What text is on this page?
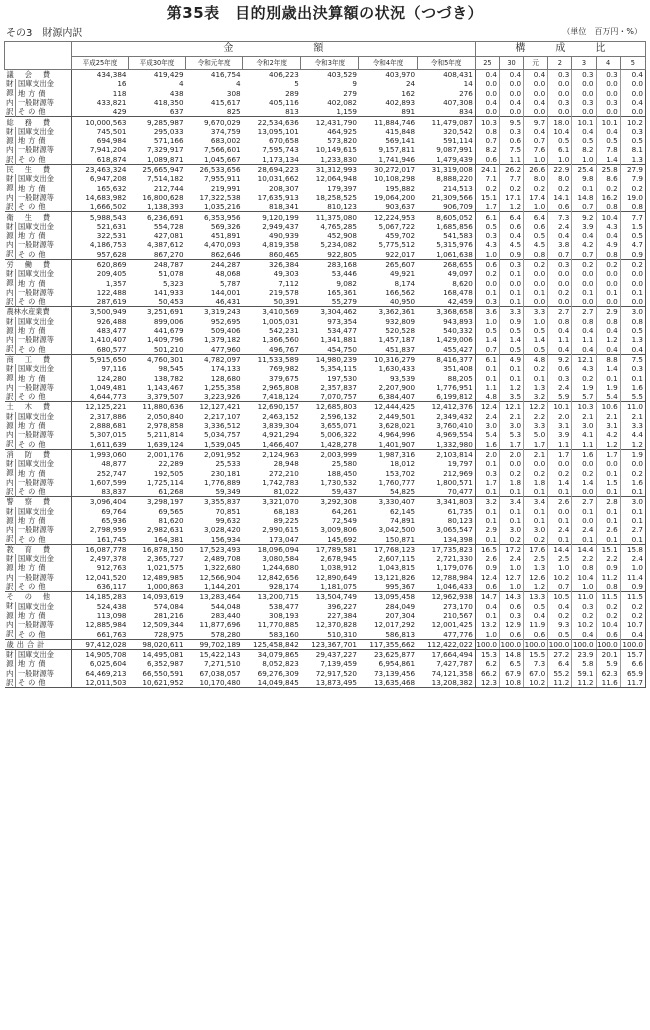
第35表　目的別歳出決算額の状況（つづき）
その3　財源内訳	（単位　百万円・%）
		金　　　　　　　　額							構　　　成　　　比						
		平成25年度	平成30年度	令和元年度	令和2年度	令和3年度	令和4年度	令和5年度	25	30	元	2	3	4	5
議会費		434,384	419,429	416,754	406,223	403,529	403,970	408,431	0.4	0.4	0.4	0.3	0.3	0.3	0.4
財	国庫支出金	16	4	4	5	9	24	14	0.0	0.0	0.0	0.0	0.0	0.0	0.0
源	地方債	118	438	308	289	279	162	276	0.0	0.0	0.0	0.0	0.0	0.0	0.0
内	一般財源等	433,821	418,350	415,617	405,116	402,082	402,893	407,308	0.4	0.4	0.4	0.3	0.3	0.3	0.4
訳	その他	429	637	825	813	1,159	891	834	0.0	0.0	0.0	0.0	0.0	0.0	0.0
総務費		10,000,563	9,285,987	9,670,029	22,534,636	12,431,790	11,884,746	11,479,087	10.3	9.5	9.7	18.0	10.1	10.1	10.2
財	国庫支出金	745,501	295,033	374,759	13,095,101	464,925	415,848	320,542	0.8	0.3	0.4	10.4	0.4	0.4	0.3
源	地方債	694,984	571,166	683,002	670,658	573,820	569,141	591,114	0.7	0.6	0.7	0.5	0.5	0.5	0.5
内	一般財源等	7,941,204	7,329,917	7,566,601	7,595,743	10,149,615	9,157,811	9,087,991	8.2	7.5	7.6	6.1	8.2	7.8	8.1
訳	その他	618,874	1,089,871	1,045,667	1,173,134	1,233,830	1,741,946	1,479,439	0.6	1.1	1.0	1.0	1.0	1.4	1.3
民生費		23,463,324	25,665,947	26,533,656	28,694,223	31,312,993	30,272,017	31,319,008	24.1	26.2	26.6	22.9	25.4	25.8	27.9
財	国庫支出金	6,947,208	7,514,182	7,955,911	10,031,662	12,064,948	10,108,298	8,888,220	7.1	7.7	8.0	8.0	9.8	8.6	7.9
源	地方債	165,632	212,744	219,991	208,307	179,397	195,882	214,513	0.2	0.2	0.2	0.2	0.1	0.2	0.2
内	一般財源等	14,683,982	16,800,628	17,322,538	17,635,913	18,258,525	19,064,200	21,309,566	15.1	17.1	17.4	14.1	14.8	16.2	19.0
訳	その他	1,666,502	1,138,393	1,035,216	818,341	810,123	903,637	906,709	1.7	1.2	1.0	0.6	0.7	0.8	0.8
衛生費		5,988,543	6,236,691	6,353,956	9,120,199	11,375,080	12,224,953	8,605,052	6.1	6.4	6.4	7.3	9.2	10.4	7.7
財	国庫支出金	521,631	554,728	569,326	2,949,437	4,765,285	5,067,722	1,685,856	0.5	0.6	0.6	2.4	3.9	4.3	1.5
源	地方債	322,531	427,081	451,891	490,939	452,908	459,702	541,583	0.3	0.4	0.5	0.4	0.4	0.4	0.5
内	一般財源等	4,186,753	4,387,612	4,470,093	4,819,358	5,234,082	5,775,512	5,315,976	4.3	4.5	4.5	3.8	4.2	4.9	4.7
訳	その他	957,628	867,270	862,646	860,465	922,805	922,017	1,061,638	1.0	0.9	0.8	0.7	0.7	0.8	0.9
労働費		620,869	248,787	244,287	326,384	283,168	265,607	268,655	0.6	0.3	0.2	0.3	0.2	0.2	0.2
財	国庫支出金	209,405	51,078	48,068	49,303	53,446	49,921	49,097	0.2	0.1	0.0	0.0	0.0	0.0	0.0
源	地方債	1,357	5,323	5,787	7,112	9,082	8,174	8,620	0.0	0.0	0.0	0.0	0.0	0.0	0.0
内	一般財源等	122,488	141,933	144,001	219,578	165,361	166,562	168,478	0.1	0.1	0.1	0.2	0.1	0.1	0.1
訳	その他	287,619	50,453	46,431	50,391	55,279	40,950	42,459	0.3	0.1	0.0	0.0	0.0	0.0	0.0
農林水産業費		3,500,949	3,251,691	3,319,243	3,410,569	3,304,462	3,362,361	3,368,658	3.6	3.3	3.3	2.7	2.7	2.9	3.0
財	国庫支出金	926,488	899,006	952,695	1,005,031	973,354	932,809	943,893	1.0	0.9	1.0	0.8	0.8	0.8	0.8
源	地方債	483,477	441,679	509,406	542,231	534,477	520,528	540,332	0.5	0.5	0.5	0.4	0.4	0.4	0.5
内	一般財源等	1,410,407	1,409,796	1,379,182	1,366,560	1,341,881	1,457,187	1,429,006	1.4	1.4	1.4	1.1	1.1	1.2	1.3
訳	その他	680,577	501,210	477,960	496,767	454,750	451,837	455,427	0.7	0.5	0.5	0.4	0.4	0.4	0.4
商工費		5,915,650	4,760,301	4,782,097	11,533,589	14,980,239	10,316,279	8,416,377	6.1	4.9	4.8	9.2	12.1	8.8	7.5
財	国庫支出金	97,116	98,545	174,133	769,982	5,354,115	1,630,433	351,408	0.1	0.1	0.2	0.6	4.3	1.4	0.3
源	地方債	124,280	138,782	128,680	379,675	197,530	93,539	88,205	0.1	0.1	0.1	0.3	0.2	0.1	0.1
内	一般財源等	1,049,481	1,143,467	1,255,358	2,965,808	2,357,837	2,207,900	1,776,951	1.1	1.2	1.3	2.4	1.9	1.9	1.6
訳	その他	4,644,773	3,379,507	3,223,926	7,418,124	7,070,757	6,384,407	6,199,812	4.8	3.5	3.2	5.9	5.7	5.4	5.5
土木費		12,125,221	11,880,636	12,127,421	12,690,157	12,685,803	12,444,425	12,412,376	12.4	12.1	12.2	10.1	10.3	10.6	11.0
財	国庫支出金	2,317,886	2,050,840	2,217,107	2,463,152	2,596,132	2,449,501	2,349,432	2.4	2.1	2.2	2.0	2.1	2.1	2.1
源	地方債	2,888,681	2,978,858	3,336,512	3,839,304	3,655,071	3,628,021	3,760,410	3.0	3.0	3.3	3.1	3.0	3.1	3.3
内	一般財源等	5,307,015	5,211,814	5,034,757	4,921,294	5,006,322	4,964,996	4,969,554	5.4	5.3	5.0	3.9	4.1	4.2	4.4
訳	その他	1,611,639	1,639,124	1,539,045	1,466,407	1,428,278	1,401,907	1,332,980	1.6	1.7	1.7	1.1	1.1	1.2	1.2
消防費		1,993,060	2,001,176	2,091,952	2,124,963	2,003,999	1,987,316	2,103,814	2.0	2.0	2.1	1.7	1.6	1.7	1.9
財	国庫支出金	48,877	22,289	25,533	28,948	25,580	18,012	19,797	0.1	0.0	0.0	0.0	0.0	0.0	0.0
源	地方債	252,747	192,505	230,181	272,210	188,450	153,702	212,969	0.3	0.2	0.2	0.2	0.2	0.1	0.2
内	一般財源等	1,607,599	1,725,114	1,776,889	1,742,783	1,730,532	1,760,777	1,800,571	1.7	1.8	1.8	1.4	1.4	1.5	1.6
訳	その他	83,837	61,268	59,349	81,022	59,437	54,825	70,477	0.1	0.1	0.1	0.1	0.0	0.1	0.1
警察費		3,096,404	3,298,197	3,355,837	3,321,070	3,292,308	3,330,407	3,341,803	3.2	3.4	3.4	2.6	2.7	2.8	3.0
財	国庫支出金	69,764	69,565	70,851	68,183	64,261	62,145	61,735	0.1	0.1	0.1	0.0	0.1	0.1	0.1
源	地方債	65,936	81,620	99,632	89,225	72,549	74,891	80,123	0.1	0.1	0.1	0.1	0.0	0.1	0.1
内	一般財源等	2,798,959	2,982,631	3,028,420	2,990,615	3,009,806	3,042,500	3,065,547	2.9	3.0	3.0	2.4	2.4	2.6	2.7
訳	その他	161,745	164,381	156,934	173,047	145,692	150,871	134,398	0.1	0.2	0.2	0.1	0.1	0.1	0.1
教育費		16,087,778	16,878,150	17,523,493	18,096,094	17,789,581	17,768,123	17,735,823	16.5	17.2	17.6	14.4	14.4	15.1	15.8
財	国庫支出金	2,497,378	2,365,727	2,489,708	3,080,584	2,678,945	2,607,115	2,721,330	2.6	2.4	2.5	2.5	2.2	2.2	2.4
源	地方債	912,763	1,021,575	1,322,680	1,244,680	1,038,912	1,043,815	1,179,076	0.9	1.0	1.3	1.0	0.8	0.9	1.0
内	一般財源等	12,041,520	12,489,985	12,566,904	12,842,656	12,890,649	13,121,826	12,788,984	12.4	12.7	12.6	10.2	10.4	11.2	11.4
訳	その他	636,117	1,000,863	1,144,201	928,174	1,181,075	995,367	1,046,433	0.6	1.0	1.2	0.7	1.0	0.8	0.9
その他		14,185,283	14,093,619	13,283,464	13,200,715	13,504,749	13,095,458	12,962,938	14.7	14.3	13.3	10.5	11.0	11.5	11.5
財	国庫支出金	524,438	574,084	544,048	538,477	396,227	284,049	273,170	0.4	0.6	0.5	0.4	0.3	0.2	0.2
源	地方債	113,098	281,216	283,440	308,193	227,384	207,304	210,567	0.1	0.3	0.4	0.2	0.2	0.2	0.2
内	一般財源等	12,885,984	12,509,344	11,877,696	11,770,885	12,370,828	12,017,292	12,001,425	13.2	12.9	11.9	9.3	10.2	10.4	10.7
訳	その他	661,763	728,975	578,280	583,160	510,310	586,813	477,776	1.0	0.6	0.6	0.5	0.4	0.6	0.4
歳出合計		97,412,028	98,020,611	99,702,189	125,458,842	123,367,701	117,355,662	112,422,022	100.0	100.0	100.0	100.0	100.0	100.0	100.0
財	国庫支出金	14,905,708	14,495,081	15,422,143	34,079,865	29,437,227	23,625,877	17,664,494	15.3	14.8	15.5	27.2	23.9	20.1	15.7
源	地方債	6,025,604	6,352,987	7,271,510	8,052,823	7,139,459	6,954,861	7,427,787	6.2	6.5	7.3	6.4	5.8	5.9	6.6
内	一般財源等	64,469,213	66,550,591	67,038,057	69,276,309	72,917,520	73,139,456	74,121,358	66.2	67.9	67.0	55.2	59.1	62.3	65.9
訳	その他	12,011,503	10,621,952	10,170,480	14,049,845	13,873,495	13,635,468	13,208,382	12.3	10.8	10.2	11.2	11.2	11.6	11.7
